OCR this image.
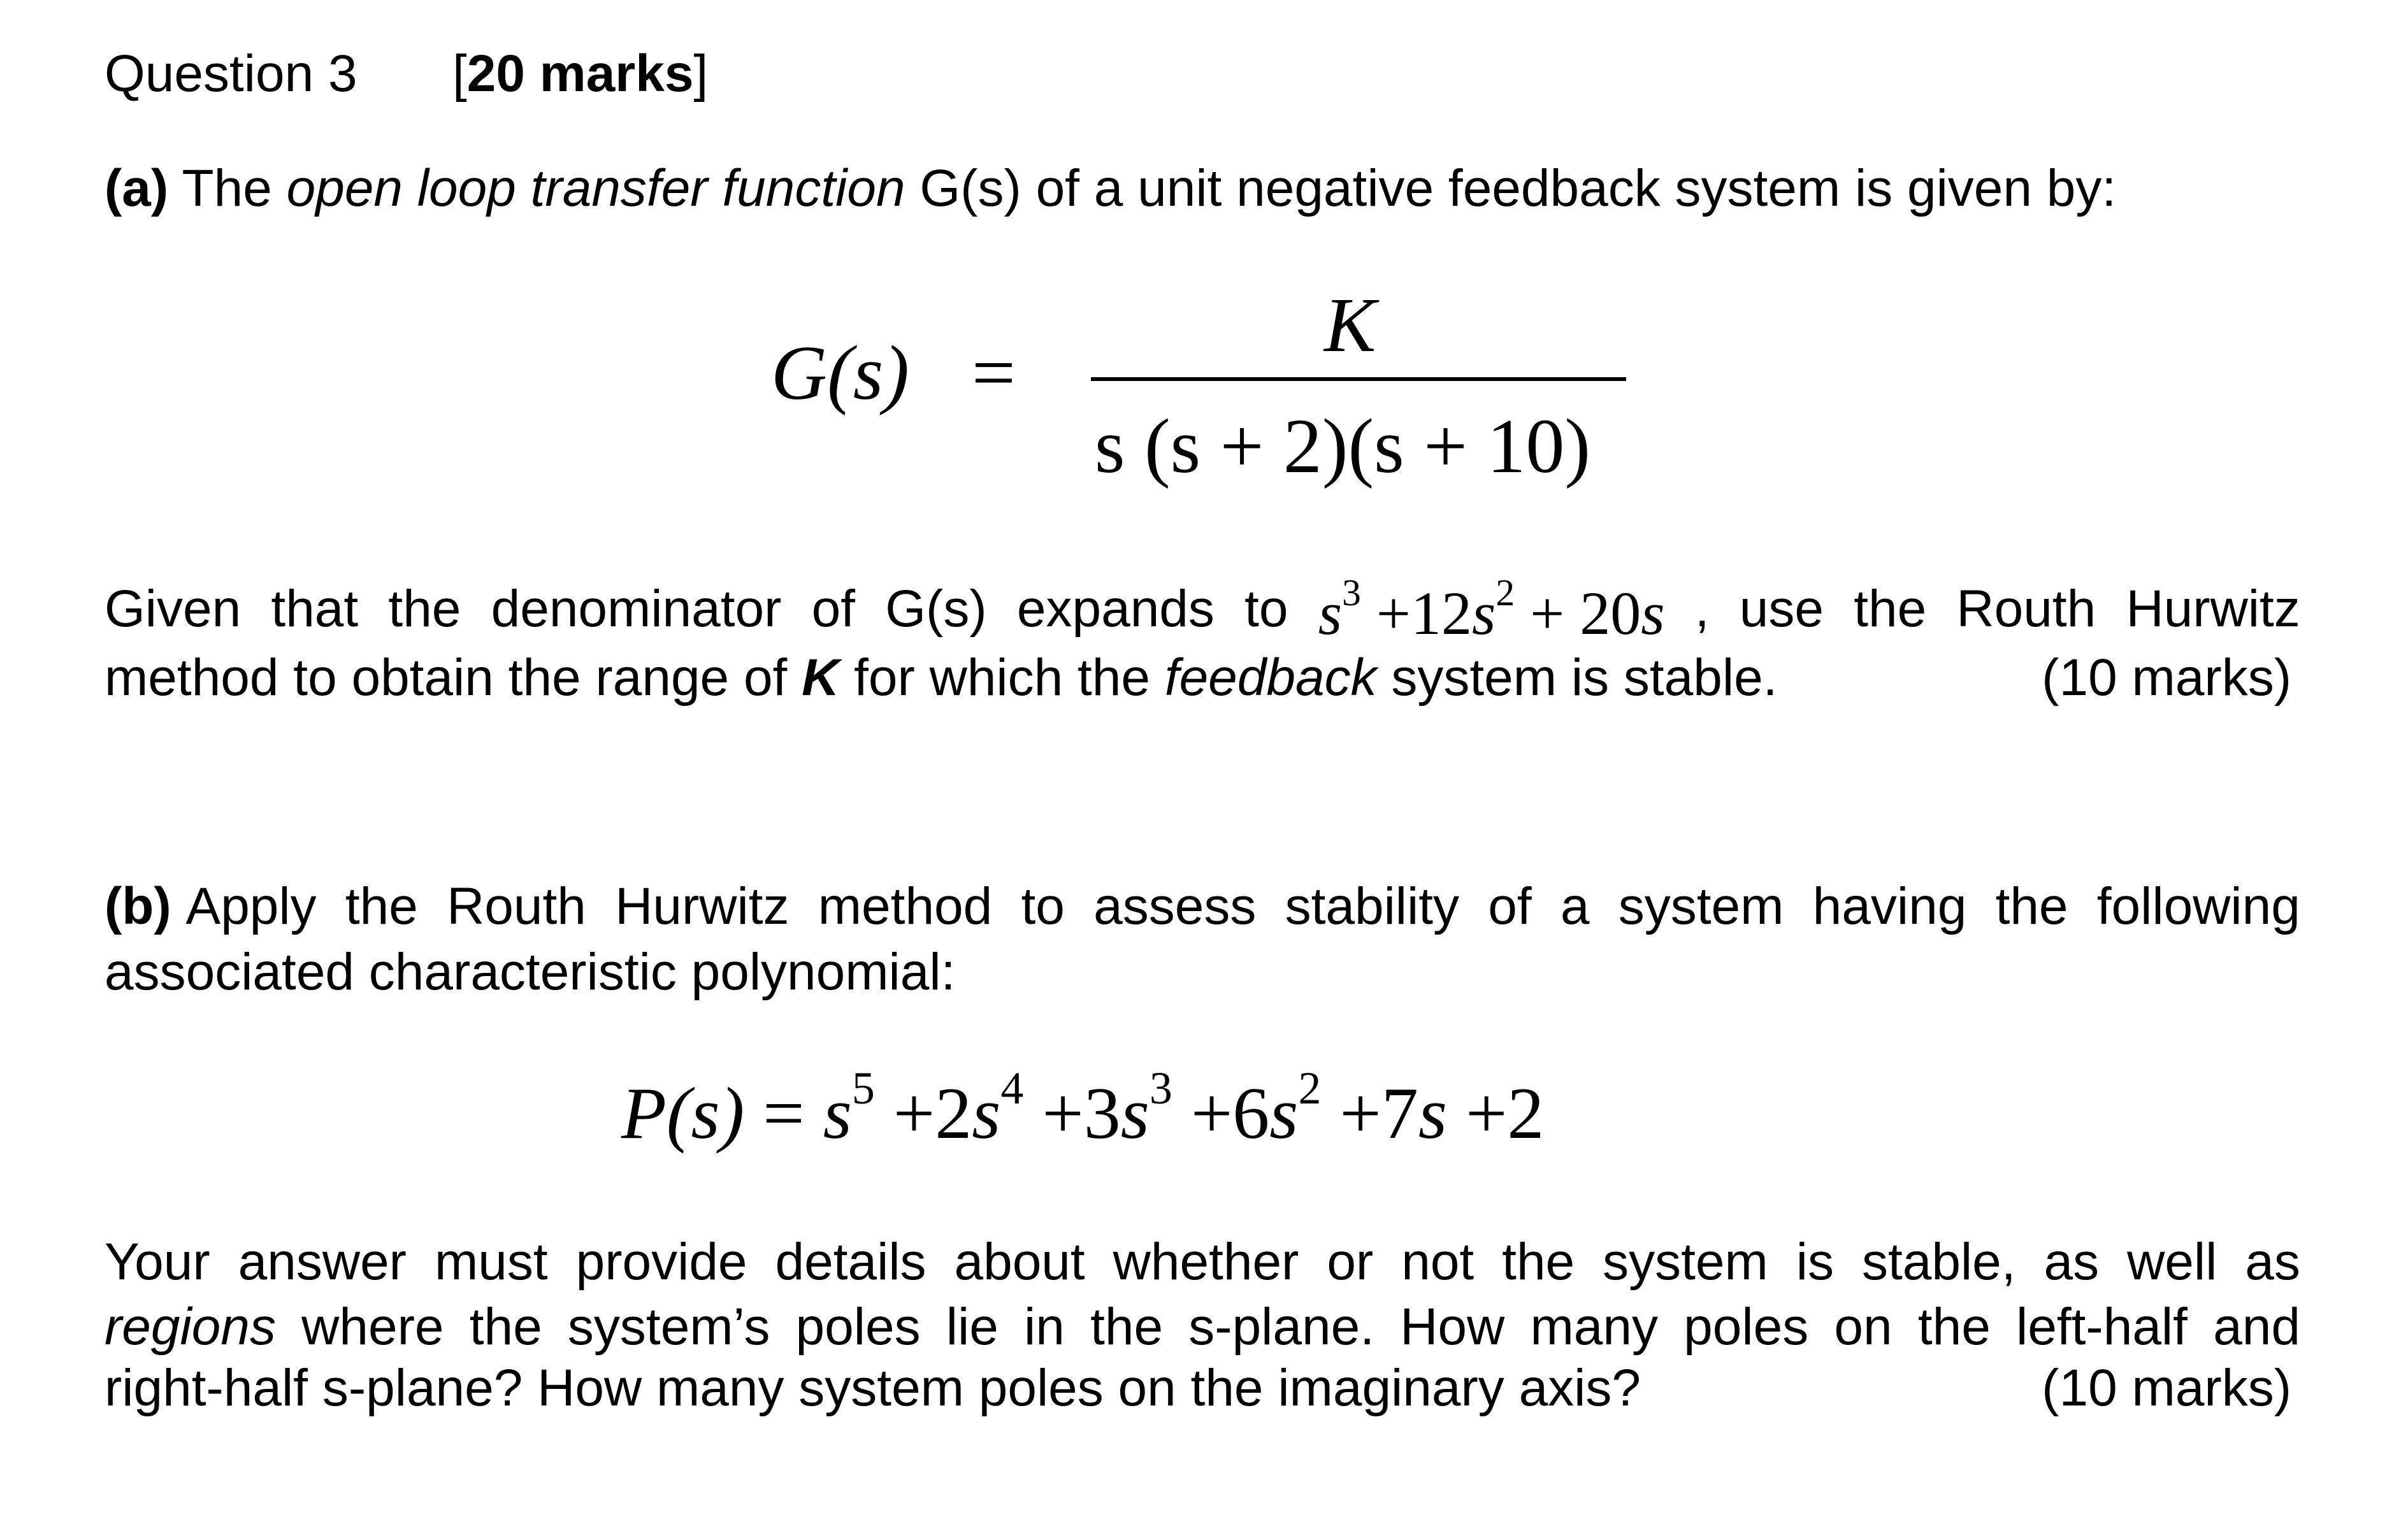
Question 3 [20 marks]
(a) The open loop transfer function G(s) of a unit negative feedback system is given by:
G(s) =
K
s (s + 2)(s + 10)
Given that the denominator of G(s) expands to s3 +12s2 + 20s , use the Routh Hurwitz
method to obtain the range of K for which the feedback system is stable.	(10 marks)
(b) Apply the Routh Hurwitz method to assess stability of a system having the following
associated characteristic polynomial:
$P(s) = s^5 +2s^4 +3s^3 +6s^2 +7s +2$
Your answer must provide details about whether or not the system is stable, as well as
regions where the system’s poles lie in the s-plane. How many poles on the left-half and
right-half s-plane? How many system poles on the imaginary axis?	(10 marks)
